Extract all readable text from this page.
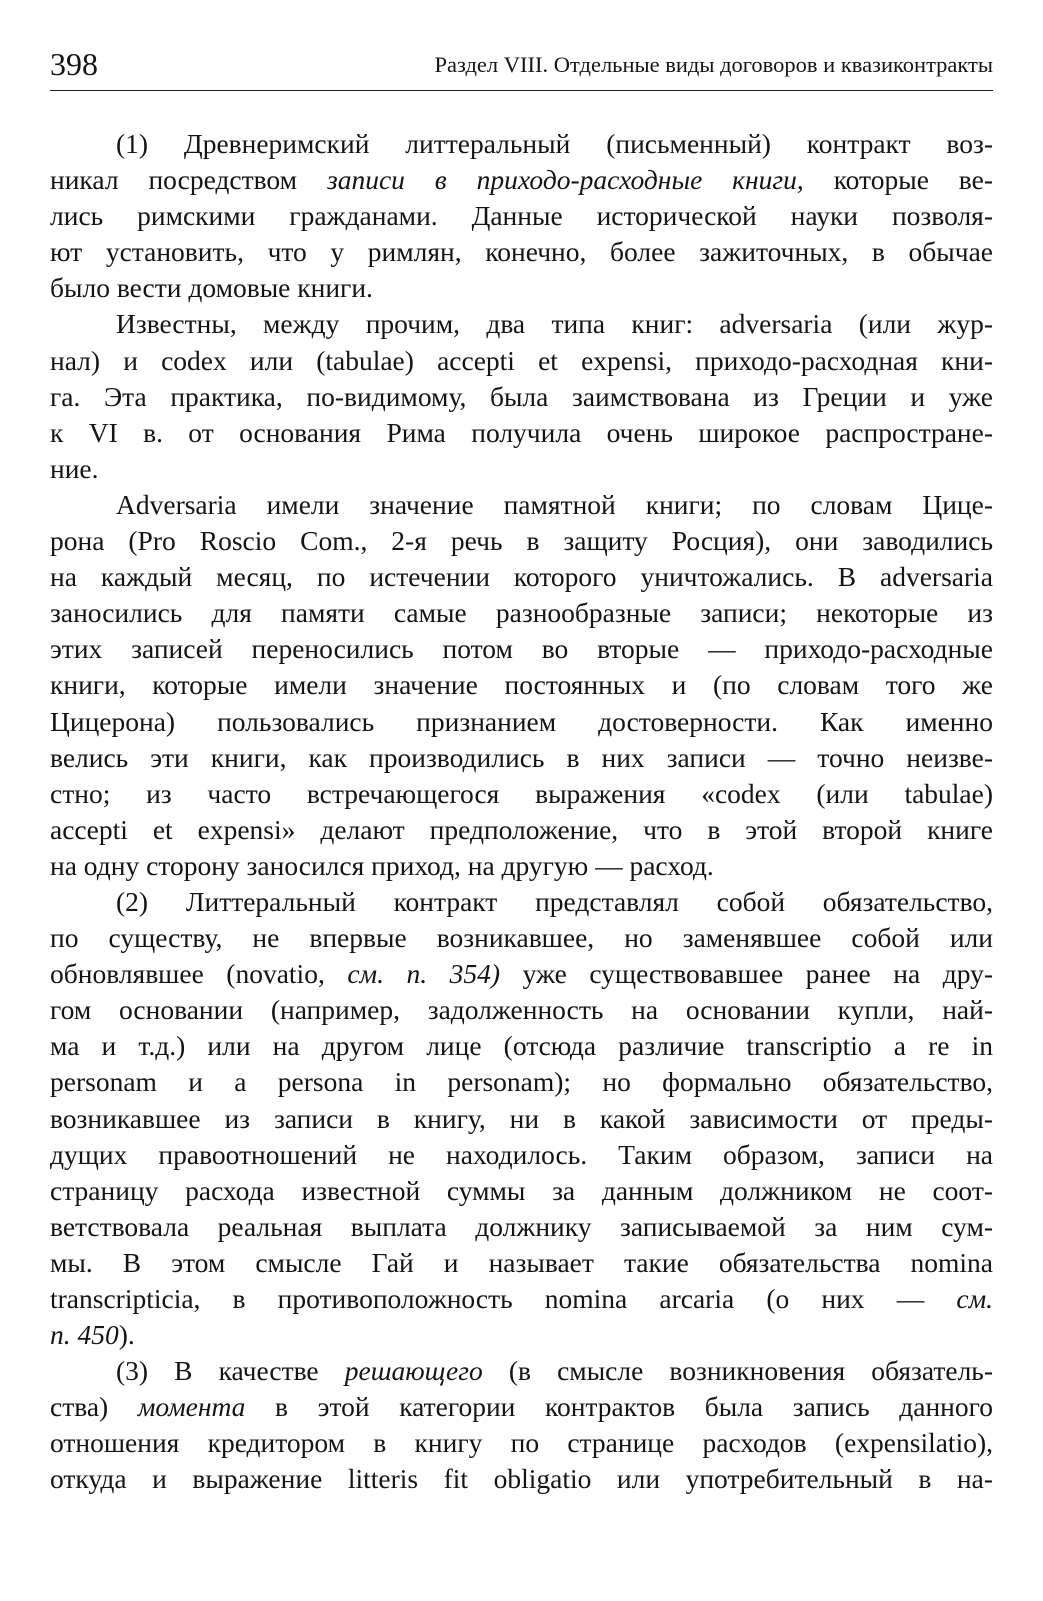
398	Раздел VIII. Отдельные виды договоров и квазиконтракты
(1) Древнеримский литтеральный (письменный) контракт воз-
никал посредством записи в приходо-расходные книги, которые ве-
лись римскими гражданами. Данные исторической науки позволя-
ют установить, что у римлян, конечно, более зажиточных, в обычае
было вести домовые книги.
Известны, между прочим, два типа книг: adversaria (или жур-
нал) и codex или (tabulae) accepti et expensi, приходо-расходная кни-
га. Эта практика, по-видимому, была заимствована из Греции и уже
к VI в. от основания Рима получила очень широкое распростране-
ние.
Adversaria имели значение памятной книги; по словам Цице-
рона (Pro Roscio Com., 2-я речь в защиту Росция), они заводились
на каждый месяц, по истечении которого уничтожались. В adversaria
заносились для памяти самые разнообразные записи; некоторые из
этих записей переносились потом во вторые — приходо-расходные
книги, которые имели значение постоянных и (по словам того же
Цицерона) пользовались признанием достоверности. Как именно
велись эти книги, как производились в них записи — точно неизве-
стно; из часто встречающегося выражения «codex (или tabulae)
accepti et expensi» делают предположение, что в этой второй книге
на одну сторону заносился приход, на другую — расход.
(2) Литтеральный контракт представлял собой обязательство,
по существу, не впервые возникавшее, но заменявшее собой или
обновлявшее (novatio, см. п. 354) уже существовавшее ранее на дру-
гом основании (например, задолженность на основании купли, най-
ма и т.д.) или на другом лице (отсюда различие transcriptio a re in
personam и a persona in personam); но формально обязательство,
возникавшее из записи в книгу, ни в какой зависимости от преды-
дущих правоотношений не находилось. Таким образом, записи на
страницу расхода известной суммы за данным должником не соот-
ветствовала реальная выплата должнику записываемой за ним сум-
мы. В этом смысле Гай и называет такие обязательства nomina
transcripticia, в противоположность nomina arcaria (о них — см.
п. 450).
(3) В качестве решающего (в смысле возникновения обязатель-
ства) момента в этой категории контрактов была запись данного
отношения кредитором в книгу по странице расходов (expensilatio),
откуда и выражение litteris fit obligatio или употребительный в на-
